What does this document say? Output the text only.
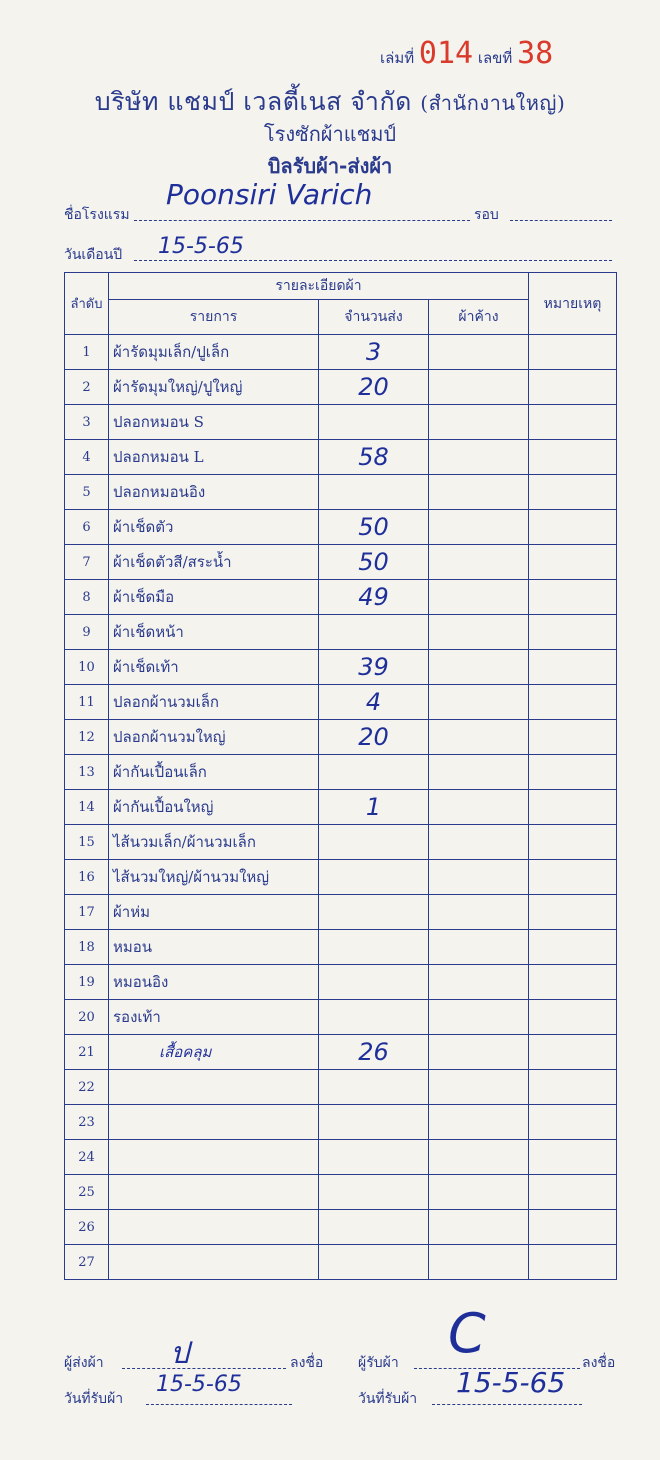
เล่มที่ 014 เลขที่ 38
บริษัท แชมป์ เวลตี้เนส จำกัด (สำนักงานใหญ่)
โรงซักผ้าแชมป์
บิลรับผ้า-ส่งผ้า
ชื่อโรงแรม
Poonsiri Varich
รอบ
วันเดือนปี 15-5-65
ลำดับ	รายละเอียดผ้า			หมายเหตุ
	รายการ	จำนวนส่ง	ผ้าค้าง	
1	ผ้ารัดมุมเล็ก/ปูเล็ก	3		
2	ผ้ารัดมุมใหญ่/ปูใหญ่	20		
3	ปลอกหมอน S			
4	ปลอกหมอน L	58		
5	ปลอกหมอนอิง			
6	ผ้าเช็ดตัว	50		
7	ผ้าเช็ดตัวสี/สระน้ำ	50		
8	ผ้าเช็ดมือ	49		
9	ผ้าเช็ดหน้า			
10	ผ้าเช็ดเท้า	39		
11	ปลอกผ้านวมเล็ก	4		
12	ปลอกผ้านวมใหญ่	20		
13	ผ้ากันเปื้อนเล็ก			
14	ผ้ากันเปื้อนใหญ่	1		
15	ไส้นวมเล็ก/ผ้านวมเล็ก			
16	ไส้นวมใหญ่/ผ้านวมใหญ่			
17	ผ้าห่ม			
18	หมอน			
19	หมอนอิง			
20	รองเท้า			
21	เสื้อคลุม	26		
22				
23				
24				
25				
26				
27				
ผู้ส่งผ้า ป	ลงชื่อ ผู้รับผ้า C	ลงชื่อ
วันที่รับผ้า
15-5-65
วันที่รับผ้า 15-5-65
